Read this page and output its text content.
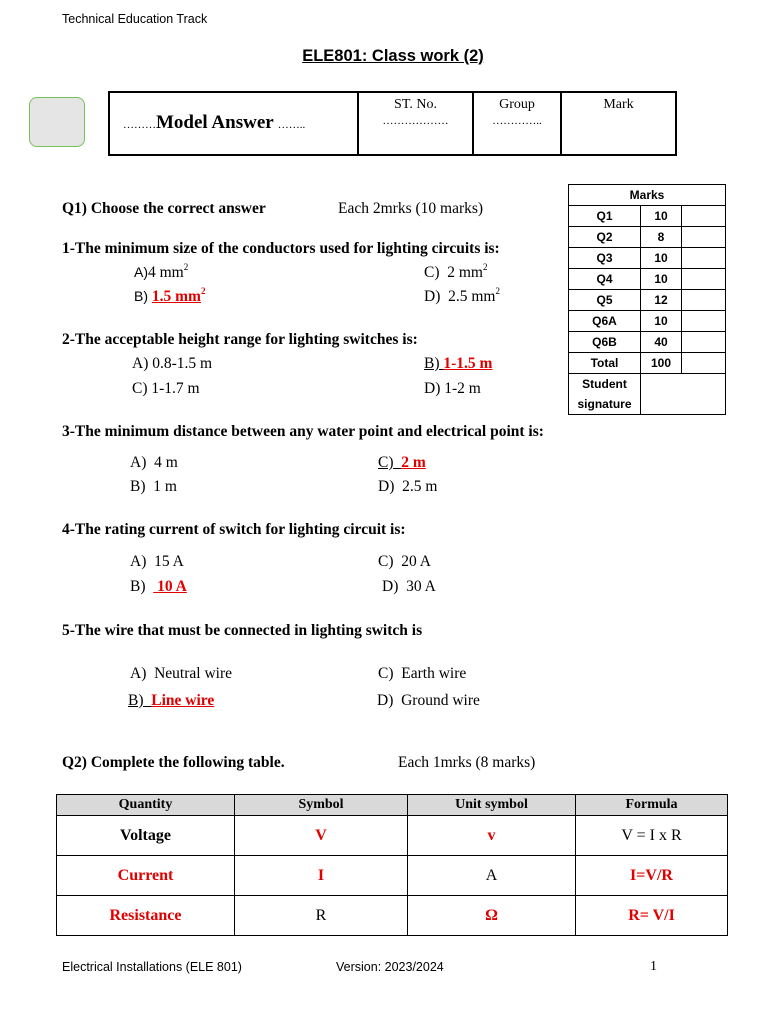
Technical Education Track
ELE801: Class work (2)
………Model Answer ……..

ST. No.
………………

Group
…………..

Mark
Marks		
Q1	10	
Q2	8	
Q3	10	
Q4	10	
Q5	12	
Q6A	10	
Q6B	40	
Total	100	
Student
signature		
Q1) Choose the correct answer	Each 2mrks (10 marks)
1-The minimum size of the conductors used for lighting circuits is:
A)4 $mm^2$
B) 1.5 $mm^2$
C)  2 $mm^2$
D)  2.5 $mm^2$
2-The acceptable height range for lighting switches is:
A) 0.8-1.5 m	B) 1-1.5 m
C) 1-1.7 m	D) 1-2 m
3-The minimum distance between any water point and electrical point is:
A)  4 m
B)  1 m
C)  2 m
D)  2.5 m
4-The rating current of switch for lighting circuit is:
A)  15 A
B)   10 A
C)  20 A
D)  30 A
5-The wire that must be connected in lighting switch is
A)  Neutral wire
B)  Line wire
C)  Earth wire
D)  Ground wire
Q2) Complete the following table.	Each 1mrks (8 marks)
Quantity	Symbol	Unit symbol	Formula
Voltage	V	v	V = I x R
Current	I	A	I=V/R
Resistance	R	Ω	R= V/I
Electrical Installations (ELE 801)	Version: 2023/2024	1
